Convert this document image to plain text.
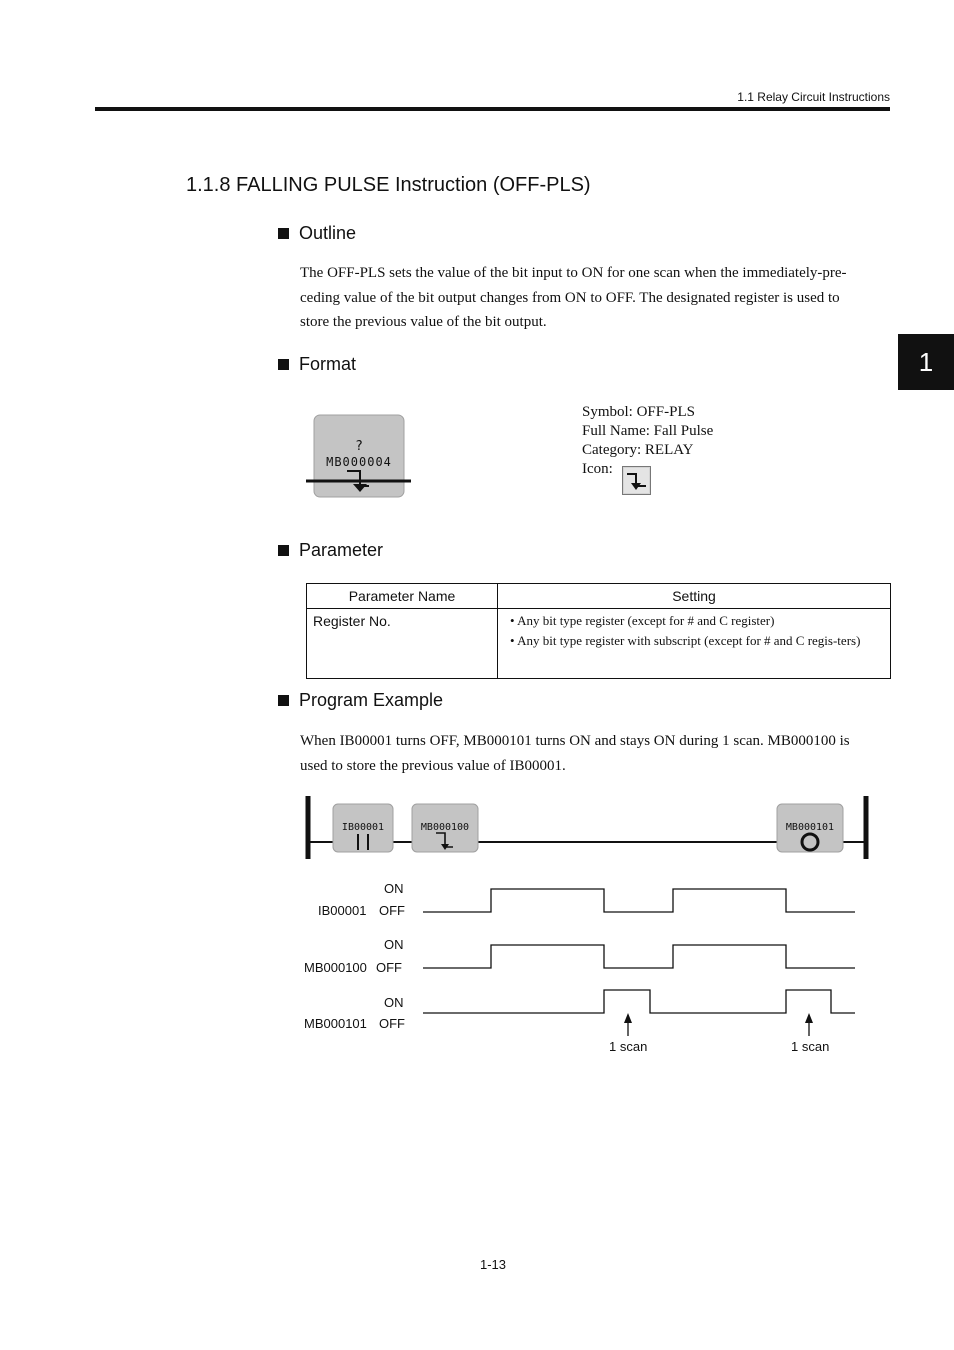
1.1 Relay Circuit Instructions
1
1.1.8 FALLING PULSE Instruction (OFF-PLS)
Outline
The OFF-PLS sets the value of the bit input to ON for one scan when the immediately-pre-
ceding value of the bit output changes from ON to OFF. The designated register is used to
store the previous value of the bit output.
Format
?
MB000004
Symbol: OFF-PLS
Full Name: Fall Pulse
Category: RELAY
Icon:
Parameter
Parameter Name	Setting
Register No.	• Any bit type register (except for # and C register)
• Any bit type register with subscript (except for # and C regis-ters)
Program Example
When IB00001 turns OFF, MB000101 turns ON and stays ON during 1 scan. MB000100 is
used to store the previous value of IB00001.
IB00001	MB000100	MB000101
ON
IB00001 OFF
ON
MB000100 OFF
ON
MB000101 OFF
1 scan	1 scan
1-13
